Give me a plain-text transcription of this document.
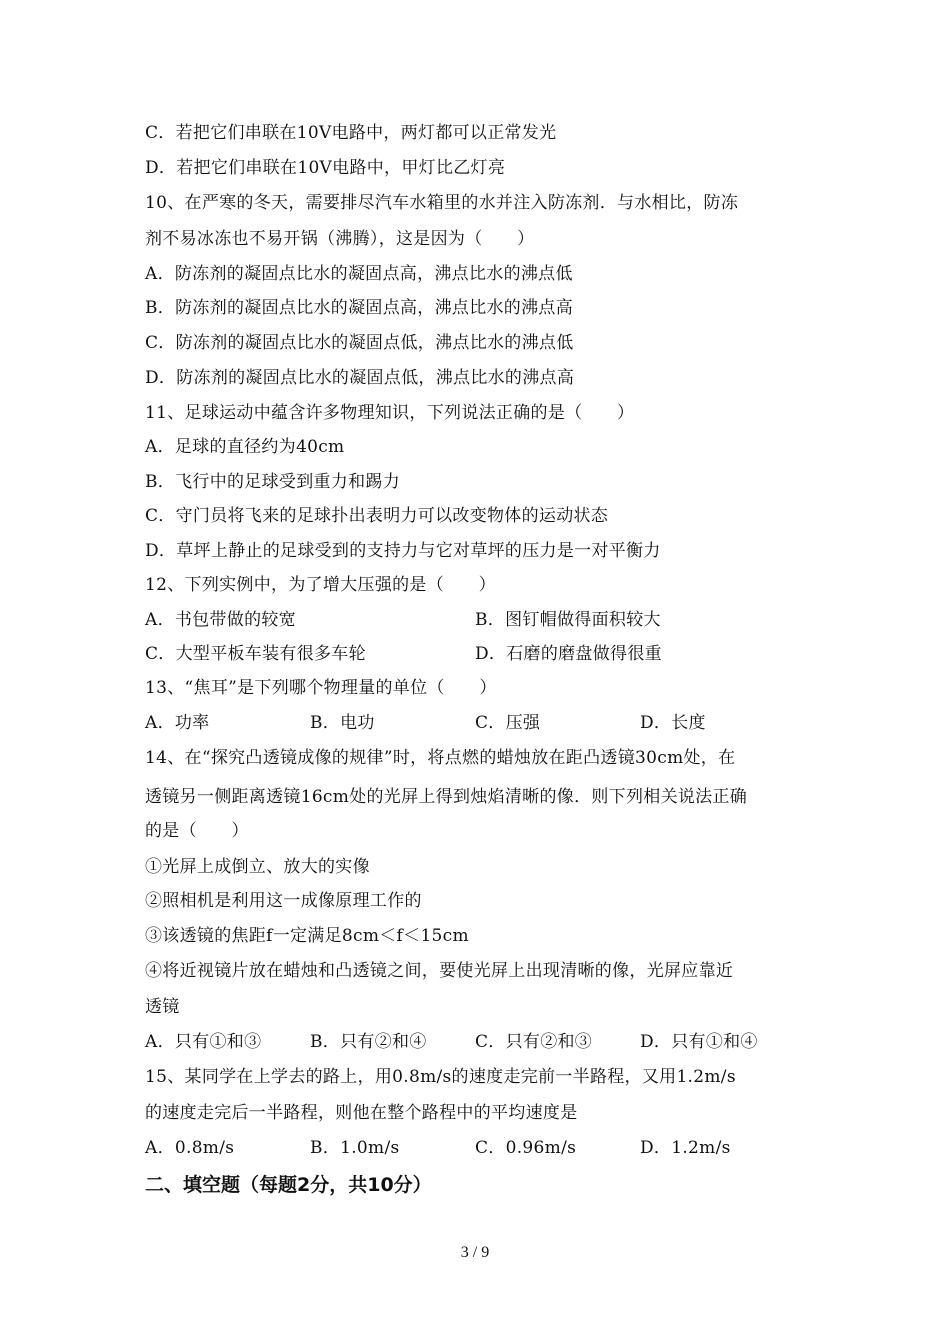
C．若把它们串联在10V电路中，两灯都可以正常发光
D．若把它们串联在10V电路中，甲灯比乙灯亮
10、在严寒的冬天，需要排尽汽车水箱里的水并注入防冻剂．与水相比，防冻
剂不易冰冻也不易开锅（沸腾），这是因为（　　）
A．防冻剂的凝固点比水的凝固点高，沸点比水的沸点低
B．防冻剂的凝固点比水的凝固点高，沸点比水的沸点高
C．防冻剂的凝固点比水的凝固点低，沸点比水的沸点低
D．防冻剂的凝固点比水的凝固点低，沸点比水的沸点高
11、足球运动中蕴含许多物理知识，下列说法正确的是（　　）
A．足球的直径约为40cm
B．飞行中的足球受到重力和踢力
C．守门员将飞来的足球扑出表明力可以改变物体的运动状态
D．草坪上静止的足球受到的支持力与它对草坪的压力是一对平衡力
12、下列实例中，为了增大压强的是（　　）
13、“焦耳”是下列哪个物理量的单位（　　）
14、在“探究凸透镜成像的规律”时，将点燃的蜡烛放在距凸透镜30cm处，在
透镜另一侧距离透镜16cm处的光屏上得到烛焰清晰的像．则下列相关说法正确
的是（　　）
①光屏上成倒立、放大的实像
②照相机是利用这一成像原理工作的
③该透镜的焦距f一定满足8cm＜f＜15cm
④将近视镜片放在蜡烛和凸透镜之间，要使光屏上出现清晰的像，光屏应靠近
透镜
15、某同学在上学去的路上，用0.8m/s的速度走完前一半路程，又用1.2m/s
的速度走完后一半路程，则他在整个路程中的平均速度是
A．书包带做的较宽	B．图钉帽做得面积较大
C．大型平板车装有很多车轮	D．石磨的磨盘做得很重
A．功率	B．电功	C．压强	D．长度
A．只有①和③	B．只有②和④	C．只有②和③	D．只有①和④
A．0.8m/s	B．1.0m/s	C．0.96m/s	D．1.2m/s
二、填空题（每题2分，共10分）
3 / 9
